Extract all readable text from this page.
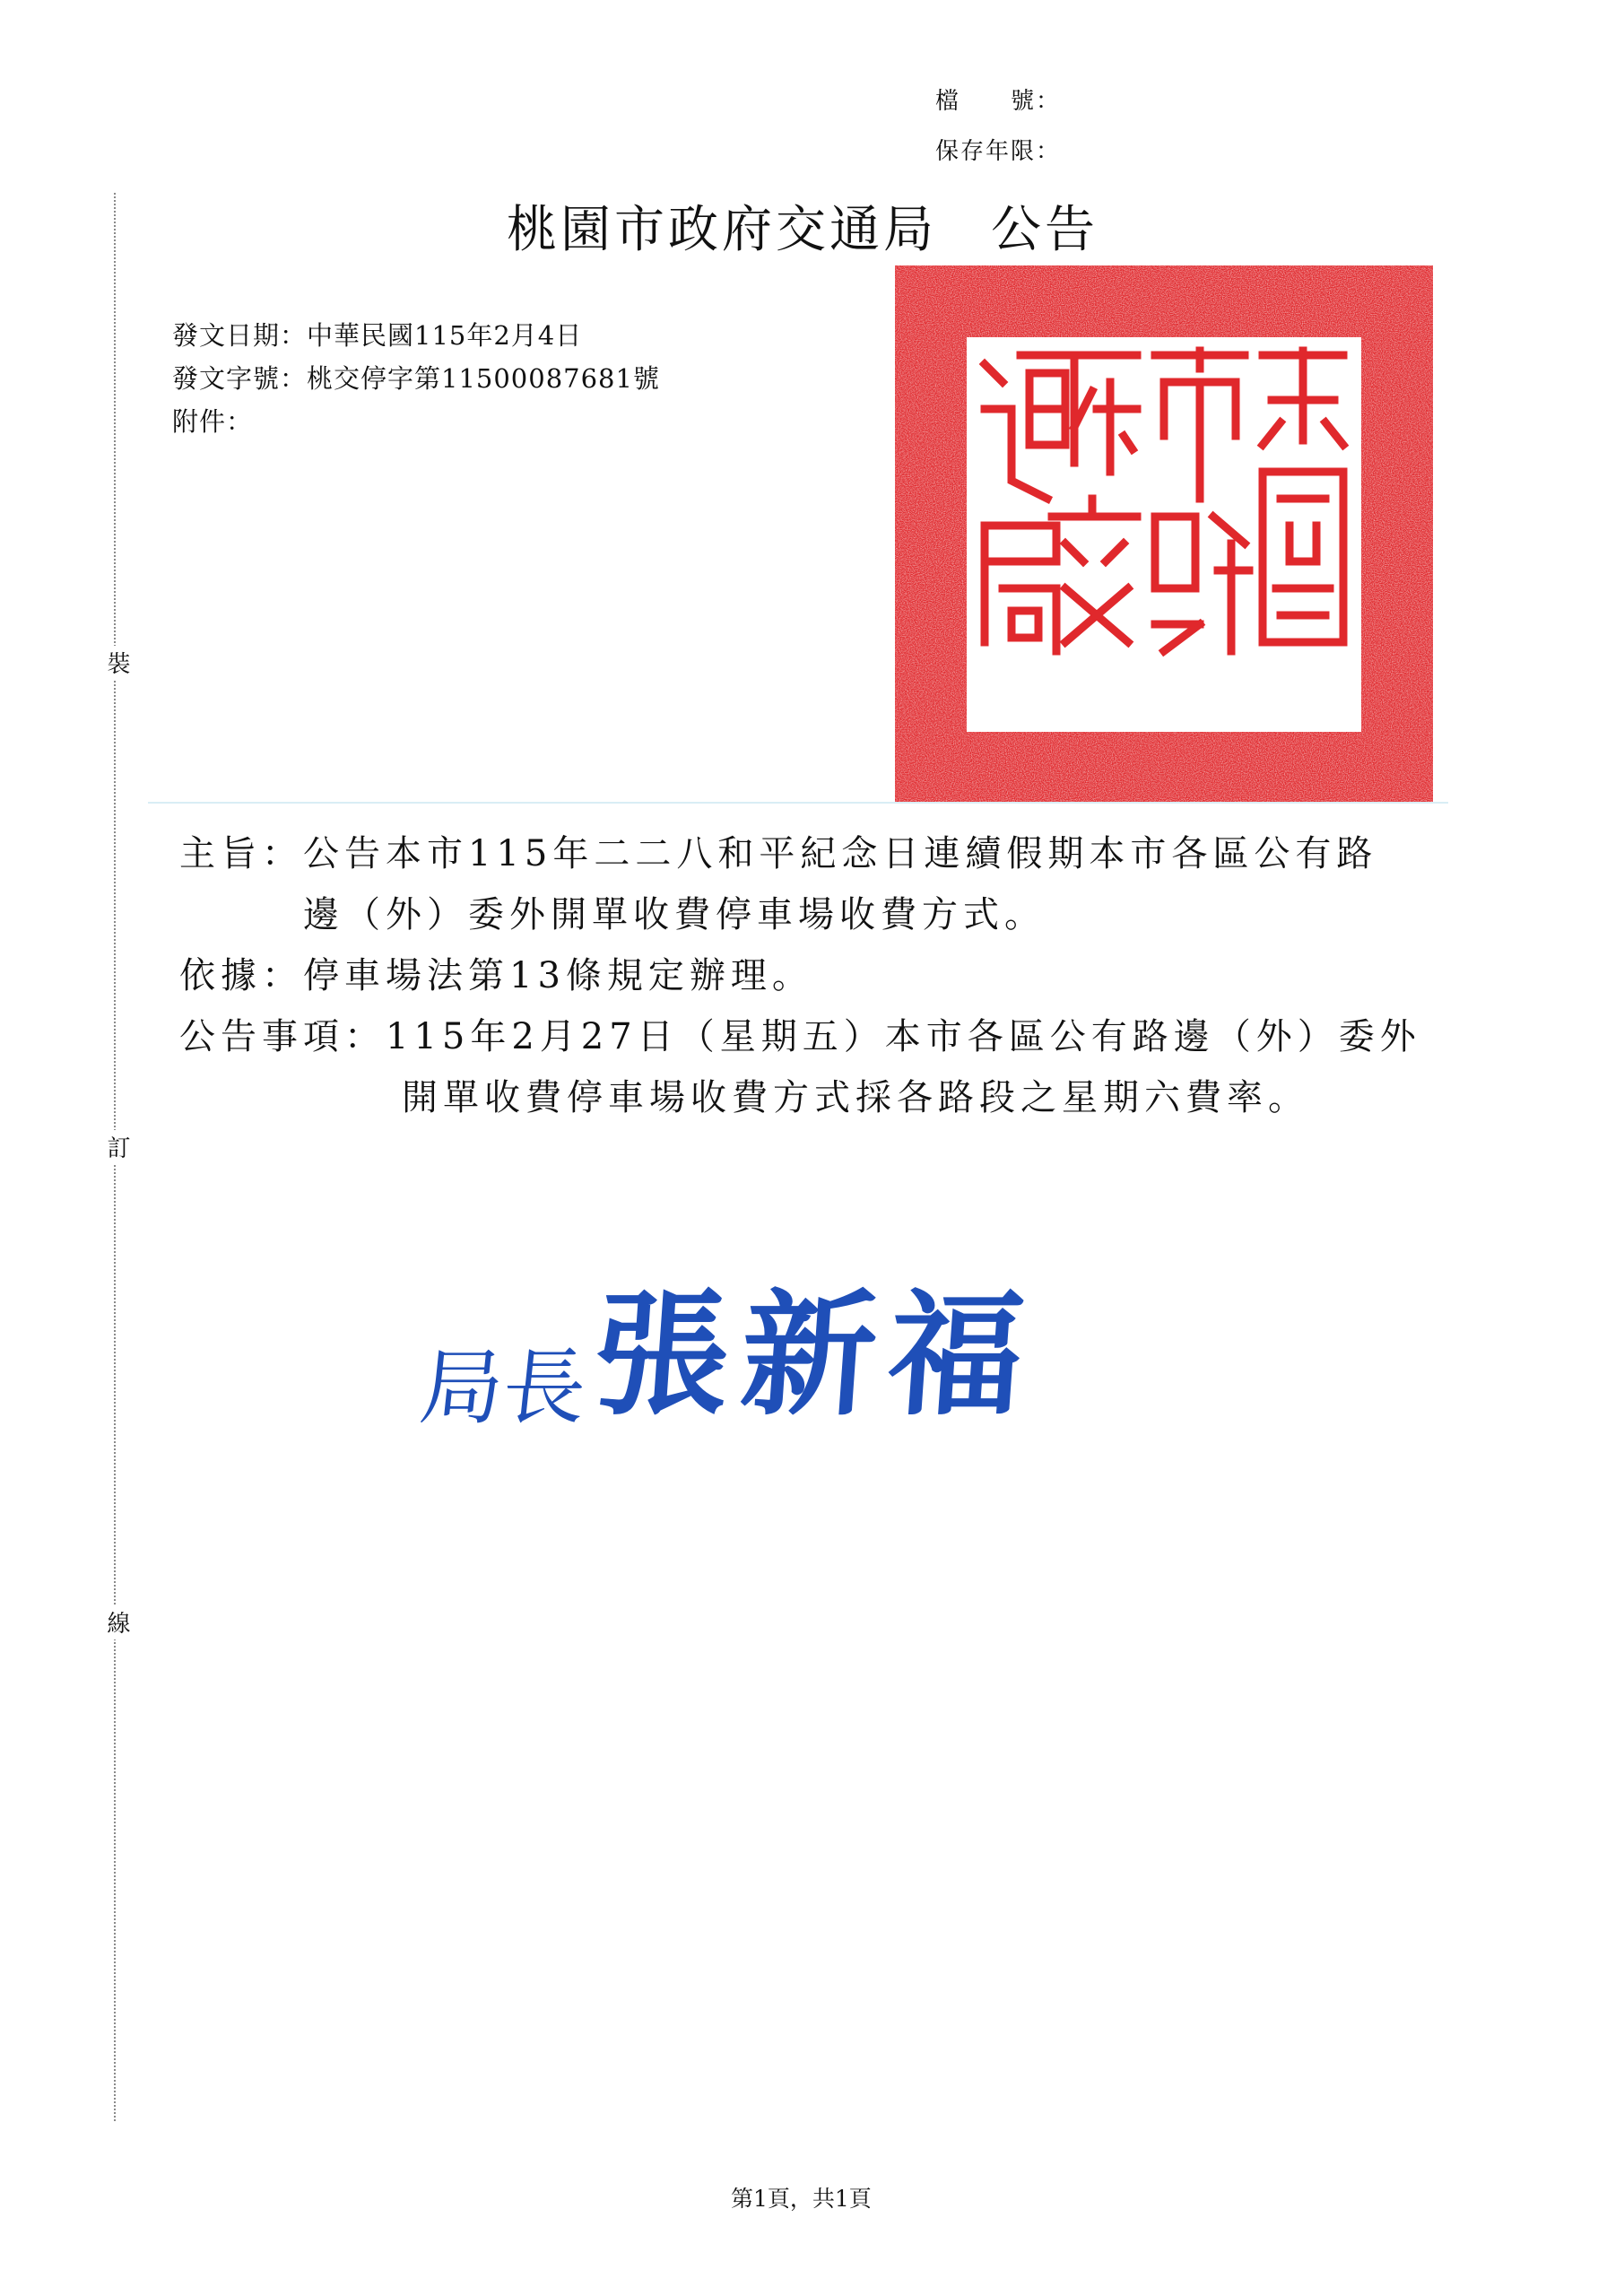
檔　　號：
保存年限：
裝
訂
線
桃園市政府交通局　公告
發文日期：中華民國115年2月4日
發文字號：桃交停字第11500087681號
附件：
主旨：公告本市115年二二八和平紀念日連續假期本市各區公有路
邊（外）委外開單收費停車場收費方式。
依據：停車場法第13條規定辦理。
公告事項：115年2月27日（星期五）本市各區公有路邊（外）委外
開單收費停車場收費方式採各路段之星期六費率。
局長張新福
第1頁，共1頁
